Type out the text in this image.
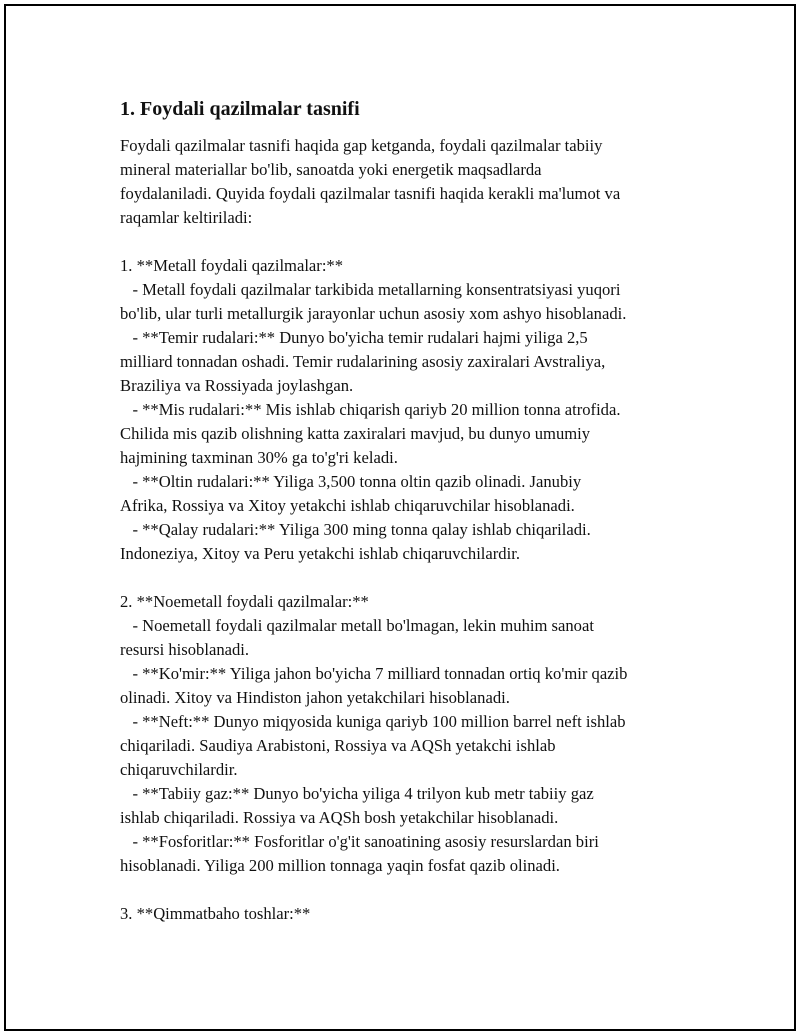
1. Foydali qazilmalar tasnifi
Foydali qazilmalar tasnifi haqida gap ketganda, foydali qazilmalar tabiiy
mineral materiallar bo'lib, sanoatda yoki energetik maqsadlarda
foydalaniladi. Quyida foydali qazilmalar tasnifi haqida kerakli ma'lumot va
raqamlar keltiriladi:
1. **Metall foydali qazilmalar:**
- Metall foydali qazilmalar tarkibida metallarning konsentratsiyasi yuqori
bo'lib, ular turli metallurgik jarayonlar uchun asosiy xom ashyo hisoblanadi.
- **Temir rudalari:** Dunyo bo'yicha temir rudalari hajmi yiliga 2,5
milliard tonnadan oshadi. Temir rudalarining asosiy zaxiralari Avstraliya,
Braziliya va Rossiyada joylashgan.
- **Mis rudalari:** Mis ishlab chiqarish qariyb 20 million tonna atrofida.
Chilida mis qazib olishning katta zaxiralari mavjud, bu dunyo umumiy
hajmining taxminan 30% ga to'g'ri keladi.
- **Oltin rudalari:** Yiliga 3,500 tonna oltin qazib olinadi. Janubiy
Afrika, Rossiya va Xitoy yetakchi ishlab chiqaruvchilar hisoblanadi.
- **Qalay rudalari:** Yiliga 300 ming tonna qalay ishlab chiqariladi.
Indoneziya, Xitoy va Peru yetakchi ishlab chiqaruvchilardir.
2. **Noemetall foydali qazilmalar:**
- Noemetall foydali qazilmalar metall bo'lmagan, lekin muhim sanoat
resursi hisoblanadi.
- **Ko'mir:** Yiliga jahon bo'yicha 7 milliard tonnadan ortiq ko'mir qazib
olinadi. Xitoy va Hindiston jahon yetakchilari hisoblanadi.
- **Neft:** Dunyo miqyosida kuniga qariyb 100 million barrel neft ishlab
chiqariladi. Saudiya Arabistoni, Rossiya va AQSh yetakchi ishlab
chiqaruvchilardir.
- **Tabiiy gaz:** Dunyo bo'yicha yiliga 4 trilyon kub metr tabiiy gaz
ishlab chiqariladi. Rossiya va AQSh bosh yetakchilar hisoblanadi.
- **Fosforitlar:** Fosforitlar o'g'it sanoatining asosiy resurslardan biri
hisoblanadi. Yiliga 200 million tonnaga yaqin fosfat qazib olinadi.
3. **Qimmatbaho toshlar:**
